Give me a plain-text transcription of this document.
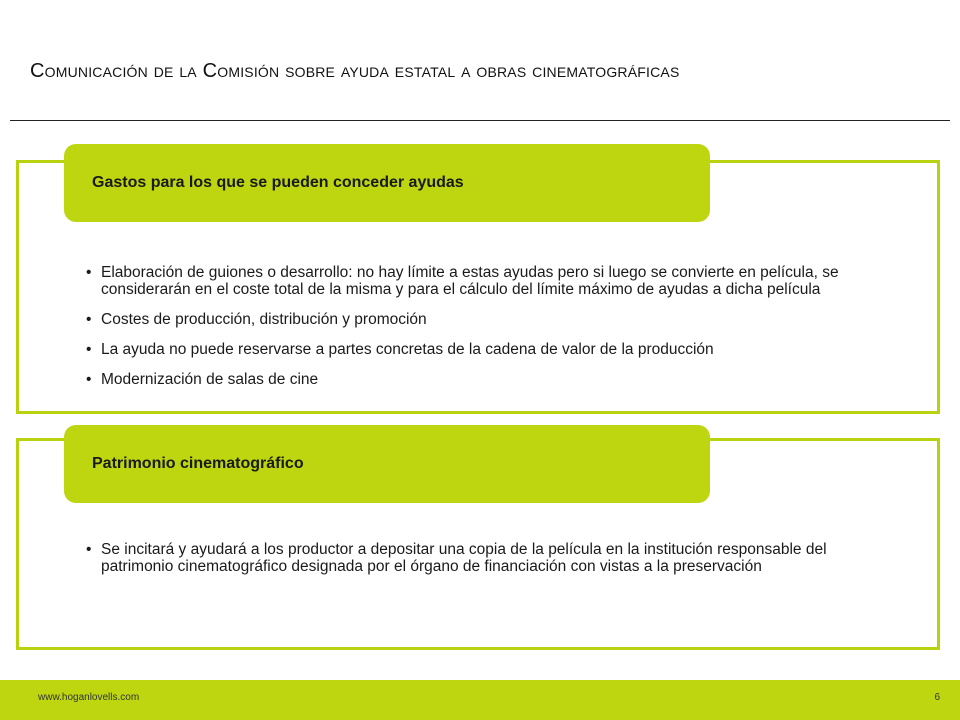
Comunicación de la Comisión sobre ayuda estatal a obras cinematográficas
Gastos para los que se pueden conceder ayudas
• Elaboración de guiones o desarrollo: no hay límite a estas ayudas pero si luego se convierte en película, se considerarán en el coste total de la misma y para el cálculo del límite máximo de ayudas a dicha película
• Costes de producción, distribución y promoción
• La ayuda no puede reservarse a partes concretas de la cadena de valor de la producción
• Modernización de salas de cine
Patrimonio cinematográfico
• Se incitará y ayudará a los productor a depositar una copia de la película en la institución responsable del patrimonio cinematográfico designada por el órgano de financiación con vistas a la preservación
www.hoganlovells.com	6
